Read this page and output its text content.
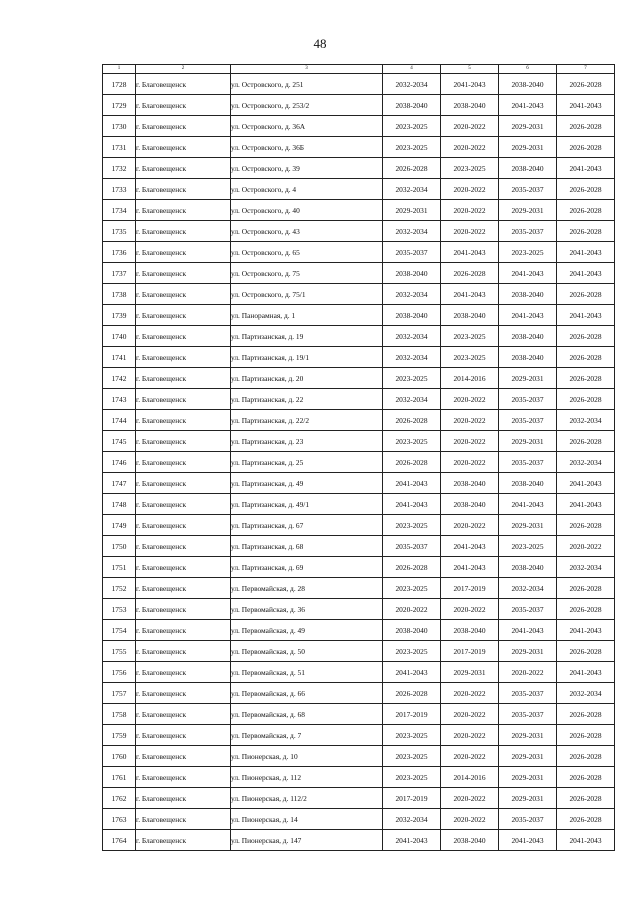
48
1	2	3	4	5	6	7
1728	г. Благовещенск	ул. Островского, д. 251	2032-2034	2041-2043	2038-2040	2026-2028
1729	г. Благовещенск	ул. Островского, д. 253/2	2038-2040	2038-2040	2041-2043	2041-2043
1730	г. Благовещенск	ул. Островского, д. 36А	2023-2025	2020-2022	2029-2031	2026-2028
1731	г. Благовещенск	ул. Островского, д. 36Б	2023-2025	2020-2022	2029-2031	2026-2028
1732	г. Благовещенск	ул. Островского, д. 39	2026-2028	2023-2025	2038-2040	2041-2043
1733	г. Благовещенск	ул. Островского, д. 4	2032-2034	2020-2022	2035-2037	2026-2028
1734	г. Благовещенск	ул. Островского, д. 40	2029-2031	2020-2022	2029-2031	2026-2028
1735	г. Благовещенск	ул. Островского, д. 43	2032-2034	2020-2022	2035-2037	2026-2028
1736	г. Благовещенск	ул. Островского, д. 65	2035-2037	2041-2043	2023-2025	2041-2043
1737	г. Благовещенск	ул. Островского, д. 75	2038-2040	2026-2028	2041-2043	2041-2043
1738	г. Благовещенск	ул. Островского, д. 75/1	2032-2034	2041-2043	2038-2040	2026-2028
1739	г. Благовещенск	ул. Панорамная, д. 1	2038-2040	2038-2040	2041-2043	2041-2043
1740	г. Благовещенск	ул. Партизанская, д. 19	2032-2034	2023-2025	2038-2040	2026-2028
1741	г. Благовещенск	ул. Партизанская, д. 19/1	2032-2034	2023-2025	2038-2040	2026-2028
1742	г. Благовещенск	ул. Партизанская, д. 20	2023-2025	2014-2016	2029-2031	2026-2028
1743	г. Благовещенск	ул. Партизанская, д. 22	2032-2034	2020-2022	2035-2037	2026-2028
1744	г. Благовещенск	ул. Партизанская, д. 22/2	2026-2028	2020-2022	2035-2037	2032-2034
1745	г. Благовещенск	ул. Партизанская, д. 23	2023-2025	2020-2022	2029-2031	2026-2028
1746	г. Благовещенск	ул. Партизанская, д. 25	2026-2028	2020-2022	2035-2037	2032-2034
1747	г. Благовещенск	ул. Партизанская, д. 49	2041-2043	2038-2040	2038-2040	2041-2043
1748	г. Благовещенск	ул. Партизанская, д. 49/1	2041-2043	2038-2040	2041-2043	2041-2043
1749	г. Благовещенск	ул. Партизанская, д. 67	2023-2025	2020-2022	2029-2031	2026-2028
1750	г. Благовещенск	ул. Партизанская, д. 68	2035-2037	2041-2043	2023-2025	2020-2022
1751	г. Благовещенск	ул. Партизанская, д. 69	2026-2028	2041-2043	2038-2040	2032-2034
1752	г. Благовещенск	ул. Первомайская, д. 28	2023-2025	2017-2019	2032-2034	2026-2028
1753	г. Благовещенск	ул. Первомайская, д. 36	2020-2022	2020-2022	2035-2037	2026-2028
1754	г. Благовещенск	ул. Первомайская, д. 49	2038-2040	2038-2040	2041-2043	2041-2043
1755	г. Благовещенск	ул. Первомайская, д. 50	2023-2025	2017-2019	2029-2031	2026-2028
1756	г. Благовещенск	ул. Первомайская, д. 51	2041-2043	2029-2031	2020-2022	2041-2043
1757	г. Благовещенск	ул. Первомайская, д. 66	2026-2028	2020-2022	2035-2037	2032-2034
1758	г. Благовещенск	ул. Первомайская, д. 68	2017-2019	2020-2022	2035-2037	2026-2028
1759	г. Благовещенск	ул. Первомайская, д. 7	2023-2025	2020-2022	2029-2031	2026-2028
1760	г. Благовещенск	ул. Пионерская, д. 10	2023-2025	2020-2022	2029-2031	2026-2028
1761	г. Благовещенск	ул. Пионерская, д. 112	2023-2025	2014-2016	2029-2031	2026-2028
1762	г. Благовещенск	ул. Пионерская, д. 112/2	2017-2019	2020-2022	2029-2031	2026-2028
1763	г. Благовещенск	ул. Пионерская, д. 14	2032-2034	2020-2022	2035-2037	2026-2028
1764	г. Благовещенск	ул. Пионерская, д. 147	2041-2043	2038-2040	2041-2043	2041-2043
